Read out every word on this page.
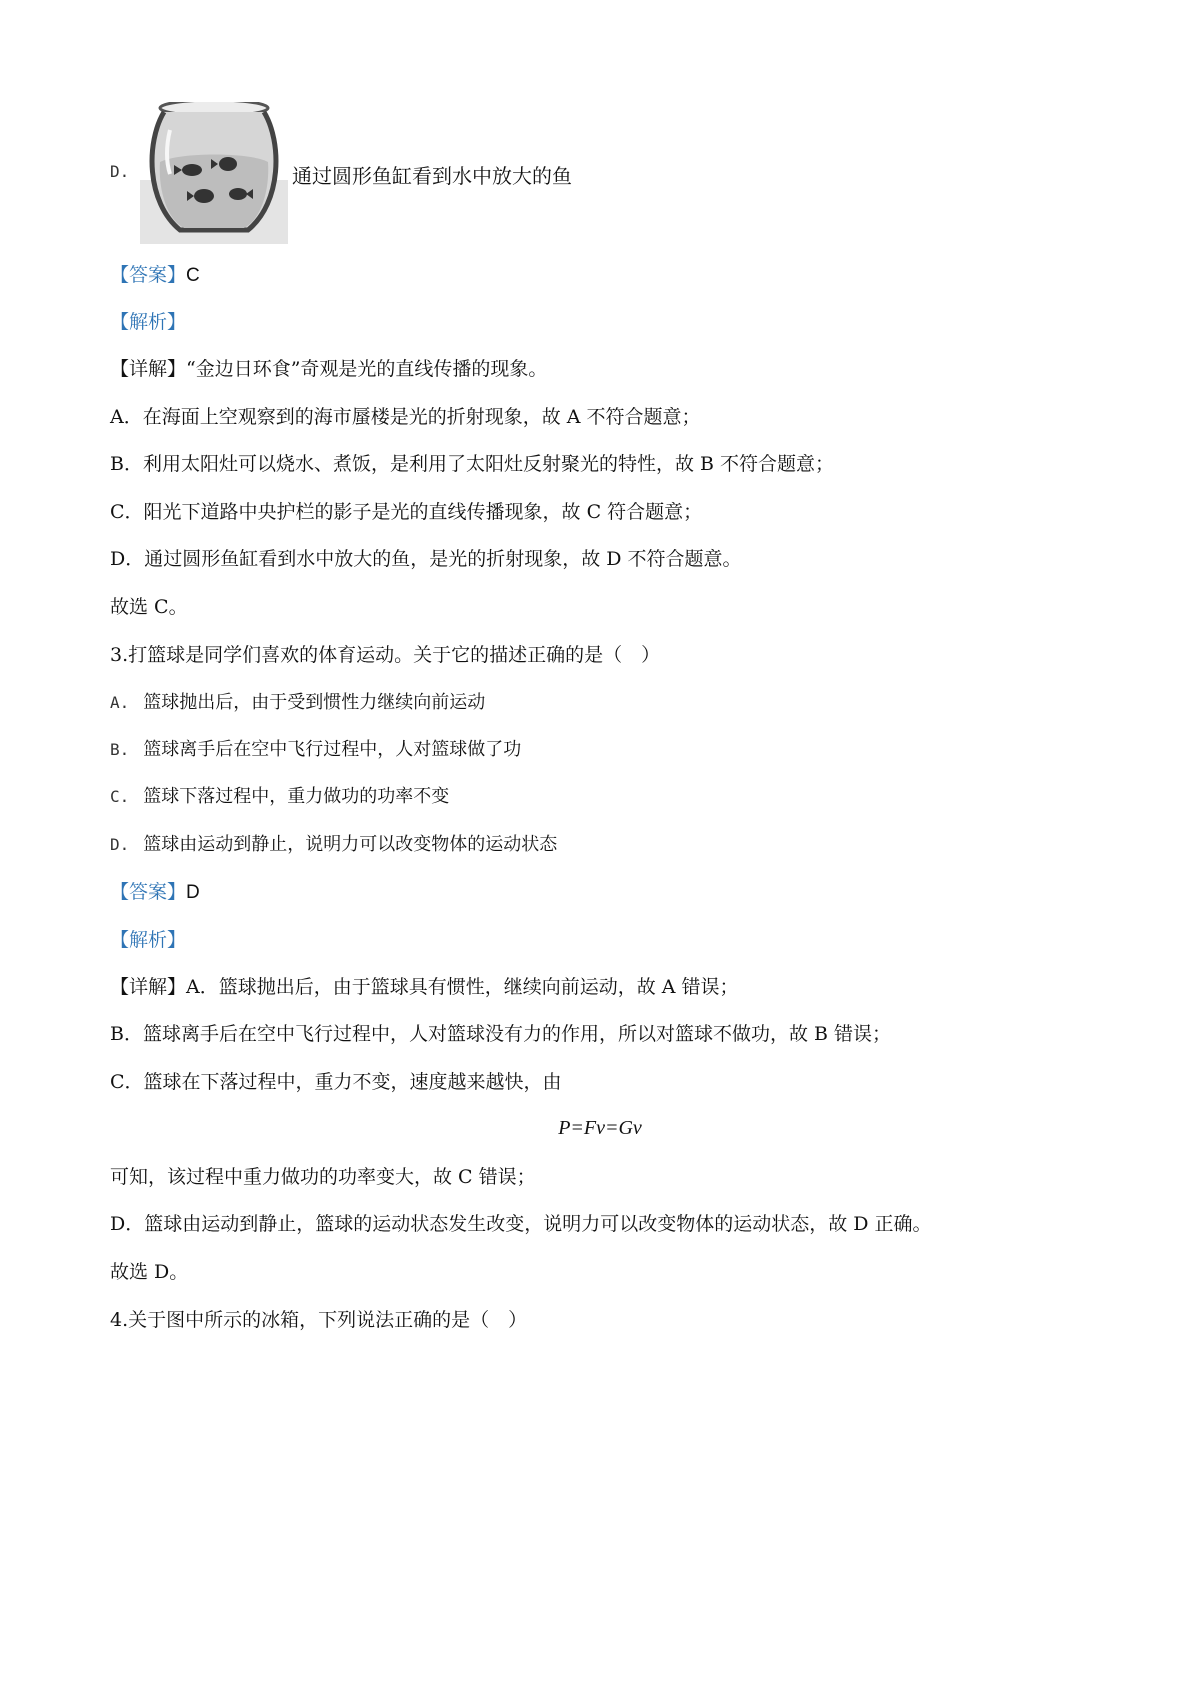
D.	通过圆形鱼缸看到水中放大的鱼
【答案】C
【解析】
【详解】“金边日环食”奇观是光的直线传播的现象。
A．在海面上空观察到的海市蜃楼是光的折射现象，故 A 不符合题意；
B．利用太阳灶可以烧水、煮饭，是利用了太阳灶反射聚光的特性，故 B 不符合题意；
C．阳光下道路中央护栏的影子是光的直线传播现象，故 C 符合题意；
D．通过圆形鱼缸看到水中放大的鱼，是光的折射现象，故 D 不符合题意。
故选 C。
3.打篮球是同学们喜欢的体育运动。关于它的描述正确的是（　）
A. 篮球抛出后，由于受到惯性力继续向前运动
B. 篮球离手后在空中飞行过程中，人对篮球做了功
C. 篮球下落过程中，重力做功的功率不变
D. 篮球由运动到静止，说明力可以改变物体的运动状态
【答案】D
【解析】
【详解】A．篮球抛出后，由于篮球具有惯性，继续向前运动，故 A 错误；
B．篮球离手后在空中飞行过程中，人对篮球没有力的作用，所以对篮球不做功，故 B 错误；
C．篮球在下落过程中，重力不变，速度越来越快，由
P=Fv=Gv
可知，该过程中重力做功的功率变大，故 C 错误；
D．篮球由运动到静止，篮球的运动状态发生改变，说明力可以改变物体的运动状态，故 D 正确。
故选 D。
4.关于图中所示的冰箱，下列说法正确的是（　）
